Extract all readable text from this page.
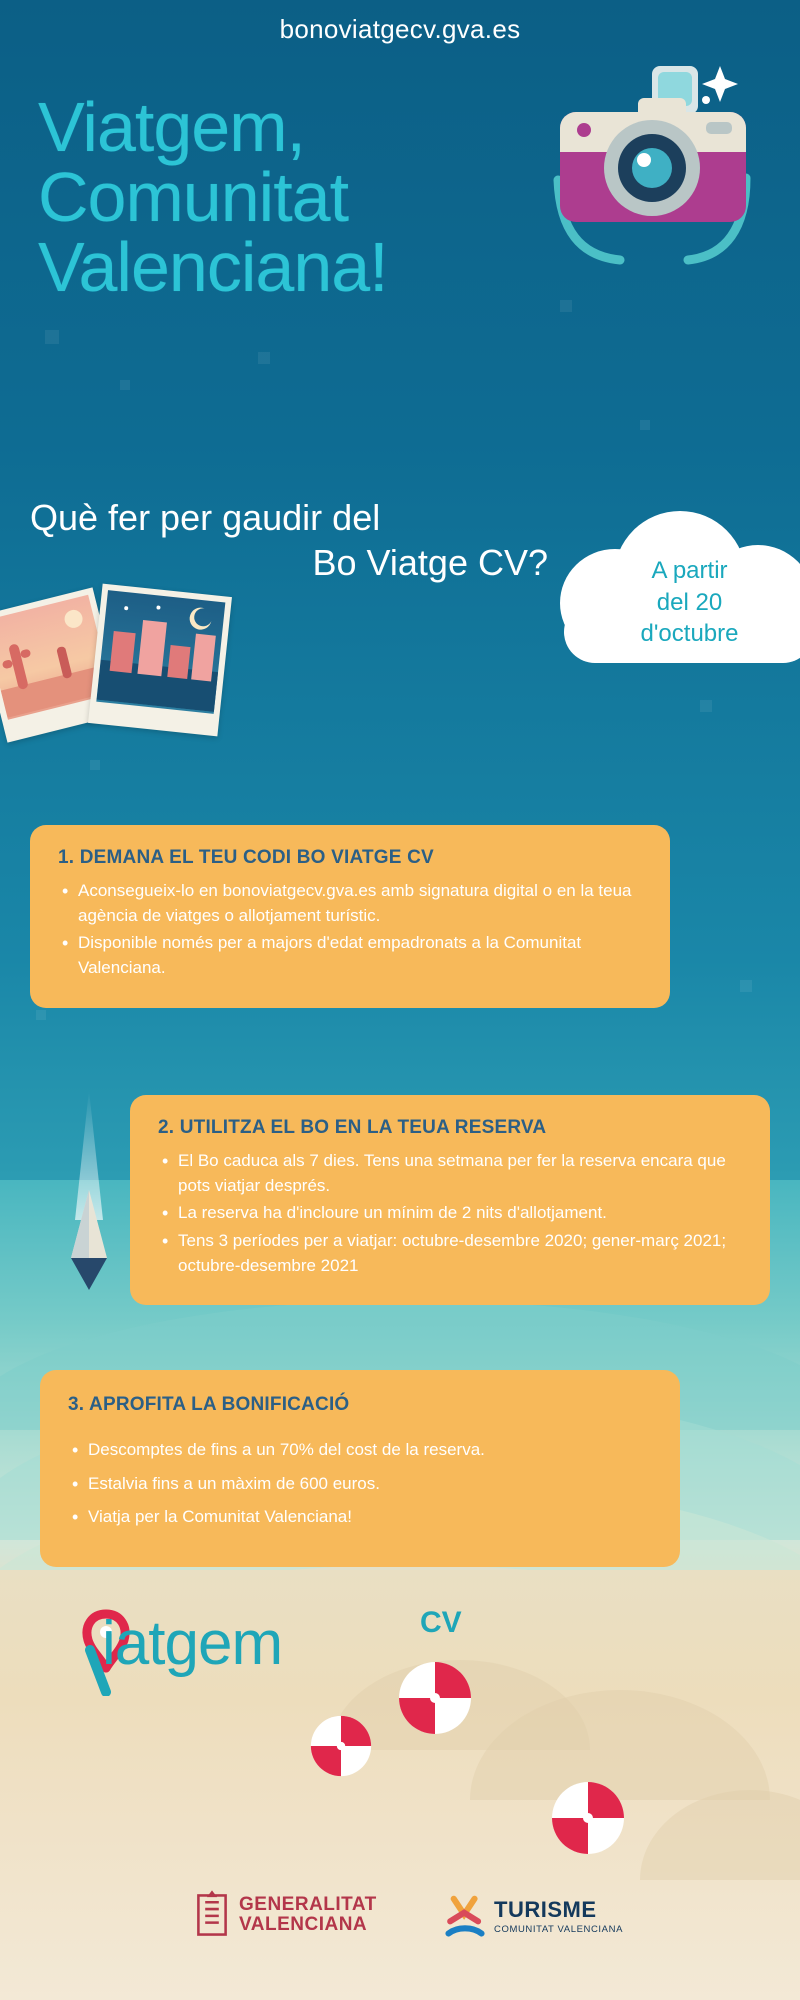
bonoviatgecv.gva.es
Viatgem,
Comunitat
Valenciana!
Què fer per gaudir del
Bo Viatge CV?	A partir
del 20
d'octubre
1. DEMANA EL TEU CODI BO VIATGE CV
• Aconsegueix-lo en bonoviatgecv.gva.es amb signatura digital o en la teua agència de viatges o allotjament turístic.
• Disponible només per a majors d'edat empadronats a la Comunitat Valenciana.
2. UTILITZA EL BO EN LA TEUA RESERVA
• El Bo caduca als 7 dies. Tens una setmana per fer la reserva encara que pots viatjar després.
• La reserva ha d'incloure un mínim de 2 nits d'allotjament.
• Tens 3 períodes per a viatjar: octubre-desembre 2020; gener-març 2021; octubre-desembre 2021
3. APROFITA LA BONIFICACIÓ
• Descomptes de fins a un 70% del cost de la reserva.
• Estalvia fins a un màxim de 600 euros.
• Viatja per la Comunitat Valenciana!
iatgem	CV
GENERALITAT
VALENCIANA
TURISME
COMUNITAT VALENCIANA
